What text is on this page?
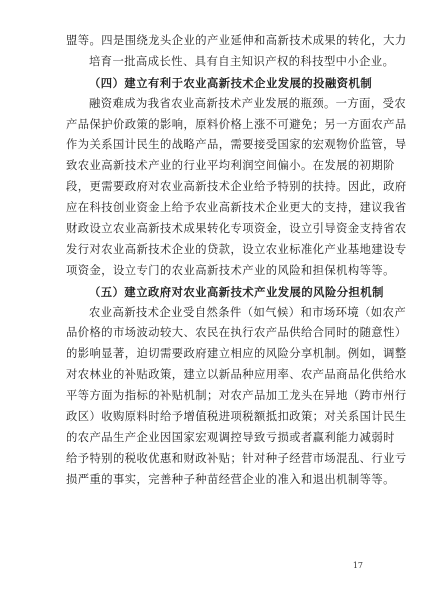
盟等。四是围绕龙头企业的产业延伸和高新技术成果的转化，大力
培育一批高成长性、具有自主知识产权的科技型中小企业。
（四）建立有利于农业高新技术企业发展的投融资机制
融资难成为我省农业高新技术产业发展的瓶颈。一方面，受农
产品保护价政策的影响，原料价格上涨不可避免；另一方面农产品
作为关系国计民生的战略产品，需要接受国家的宏观物价监管，导
致农业高新技术产业的行业平均利润空间偏小。在发展的初期阶
段，更需要政府对农业高新技术企业给予特别的扶持。因此，政府
应在科技创业资金上给予农业高新技术企业更大的支持，建议我省
财政设立农业高新技术成果转化专项资金，设立引导资金支持省农
发行对农业高新技术企业的贷款，设立农业标准化产业基地建设专
项资金，设立专门的农业高新技术产业的风险和担保机构等等。
（五）建立政府对农业高新技术产业发展的风险分担机制
农业高新技术企业受自然条件（如气候）和市场环境（如农产
品价格的市场波动较大、农民在执行农产品供给合同时的随意性）
的影响显著，迫切需要政府建立相应的风险分享机制。例如，调整
对农林业的补贴政策，建立以新品种应用率、农产品商品化供给水
平等方面为指标的补贴机制；对农产品加工龙头在异地（跨市州行
政区）收购原料时给予增值税进项税额抵扣政策；对关系国计民生
的农产品生产企业因国家宏观调控导致亏损或者赢利能力减弱时
给予特别的税收优惠和财政补贴；针对种子经营市场混乱、行业亏
损严重的事实，完善种子种苗经营企业的准入和退出机制等等。
17
